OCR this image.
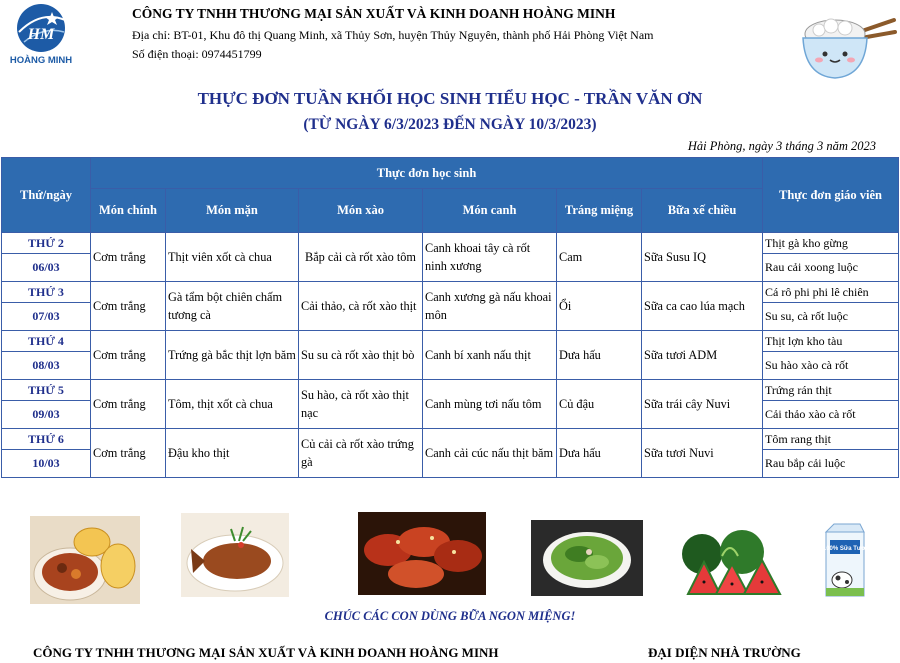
HM
HOÀNG MINH
CÔNG TY TNHH THƯƠNG MẠI SẢN XUẤT VÀ KINH DOANH HOÀNG MINH
Địa chỉ: BT-01, Khu đô thị Quang Minh, xã Thủy Sơn, huyện Thủy Nguyên, thành phố Hải Phòng Việt Nam
Số điện thoại: 0974451799
THỰC ĐƠN TUẦN KHỐI HỌC SINH TIỂU HỌC - TRẦN VĂN ƠN
(TỪ NGÀY 6/3/2023 ĐẾN NGÀY 10/3/2023)
Hải Phòng, ngày 3 tháng 3 năm 2023
Thứ/ngày	Thực đơn học sinh						Thực đơn giáo viên
	Món chính	Món mặn	Món xào	Món canh	Tráng miệng	Bữa xế chiều	
THỨ 2	Cơm trắng	Thịt viên xốt cà chua	Bắp cải cà rốt xào tôm	Canh khoai tây cà rốt ninh xương	Cam	Sữa Susu IQ	Thịt gà kho gừng
06/03							Rau cải xoong luộc
THỨ 3	Cơm trắng	Gà tẩm bột chiên chấm tương cà	Cải thảo, cà rốt xào thịt	Canh xương gà nấu khoai môn	Ổi	Sữa ca cao lúa mạch	Cá rô phi phi lê chiên
07/03							Su su, cà rốt luộc
THỨ 4	Cơm trắng	Trứng gà bắc thịt lợn băm	Su su cà rốt xào thịt bò	Canh bí xanh nấu thịt	Dưa hấu	Sữa tươi ADM	Thịt lợn kho tàu
08/03							Su hào xào cà rốt
THỨ 5	Cơm trắng	Tôm, thịt xốt cà chua	Su hào, cà rốt xào thịt nạc	Canh mùng tơi nấu tôm	Củ đậu	Sữa trái cây Nuvi	Trứng rán thịt
09/03							Cải thảo xào cà rốt
THỨ 6	Cơm trắng	Đậu kho thịt	Củ cải cà rốt xào trứng gà	Canh cải cúc nấu thịt băm	Dưa hấu	Sữa tươi Nuvi	Tôm rang thịt
10/03							Rau bắp cải luộc
100% Sữa Tươi
CHÚC CÁC CON DÙNG BỮA NGON MIỆNG!
CÔNG TY TNHH THƯƠNG MẠI SẢN XUẤT VÀ KINH DOANH HOÀNG MINH	ĐẠI DIỆN NHÀ TRƯỜNG
